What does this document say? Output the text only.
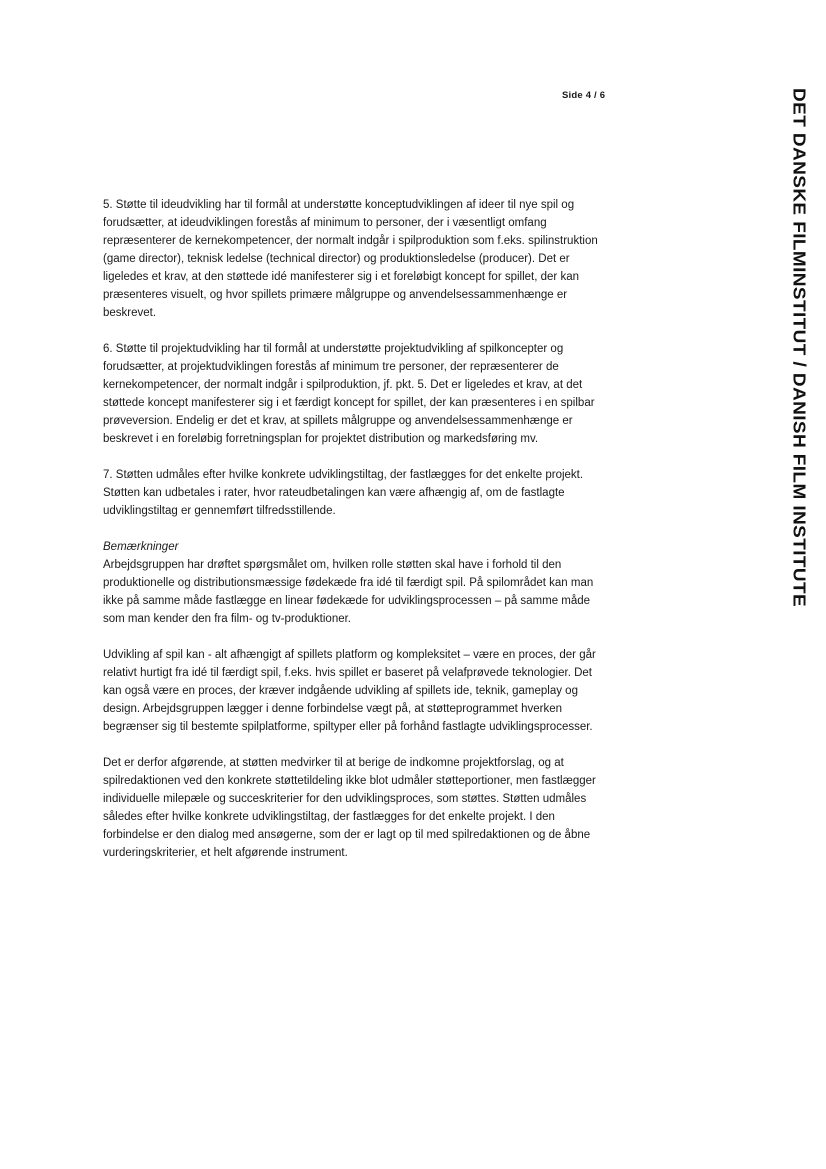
Side 4 / 6	DET DANSKE FILMINSTITUT / DANISH FILM INSTITUTE

5. Støtte til ideudvikling har til formål at understøtte konceptudviklingen af ideer til nye spil og forudsætter, at ideudviklingen forestås af minimum to personer, der i væsentligt omfang repræsenterer de kernekompetencer, der normalt indgår i spilproduktion som f.eks. spilinstruktion (game director), teknisk ledelse (technical director) og produktionsledelse (producer). Det er ligeledes et krav, at den støttede idé manifesterer sig i et foreløbigt koncept for spillet, der kan præsenteres visuelt, og hvor spillets primære målgruppe og anvendelsessammenhænge er beskrevet.

6. Støtte til projektudvikling har til formål at understøtte projektudvikling af spilkoncepter og forudsætter, at projektudviklingen forestås af minimum tre personer, der repræsenterer de kernekompetencer, der normalt indgår i spilproduktion, jf. pkt. 5. Det er ligeledes et krav, at det støttede koncept manifesterer sig i et færdigt koncept for spillet, der kan præsenteres i en spilbar prøveversion. Endelig er det et krav, at spillets målgruppe og anvendelsessammenhænge er beskrevet i en foreløbig forretningsplan for projektet distribution og markedsføring mv.

7. Støtten udmåles efter hvilke konkrete udviklingstiltag, der fastlægges for det enkelte projekt. Støtten kan udbetales i rater, hvor rateudbetalingen kan være afhængig af, om de fastlagte udviklingstiltag er gennemført tilfredsstillende.

Bemærkninger

Arbejdsgruppen har drøftet spørgsmålet om, hvilken rolle støtten skal have i forhold til den produktionelle og distributionsmæssige fødekæde fra idé til færdigt spil. På spilområdet kan man ikke på samme måde fastlægge en linear fødekæde for udviklingsprocessen – på samme måde som man kender den fra film- og tv-produktioner.

Udvikling af spil kan - alt afhængigt af spillets platform og kompleksitet – være en proces, der går relativt hurtigt fra idé til færdigt spil, f.eks. hvis spillet er baseret på velafprøvede teknologier. Det kan også være en proces, der kræver indgående udvikling af spillets ide, teknik, gameplay og design. Arbejdsgruppen lægger i denne forbindelse vægt på, at støtteprogrammet hverken begrænser sig til bestemte spilplatforme, spiltyper eller på forhånd fastlagte udviklingsprocesser.

Det er derfor afgørende, at støtten medvirker til at berige de indkomne projektforslag, og at spilredaktionen ved den konkrete støttetildeling ikke blot udmåler støtteportioner, men fastlægger individuelle milepæle og succeskriterier for den udviklingsproces, som støttes. Støtten udmåles således efter hvilke konkrete udviklingstiltag, der fastlægges for det enkelte projekt. I den forbindelse er den dialog med ansøgerne, som der er lagt op til med spilredaktionen og de åbne vurderingskriterier, et helt afgørende instrument.
